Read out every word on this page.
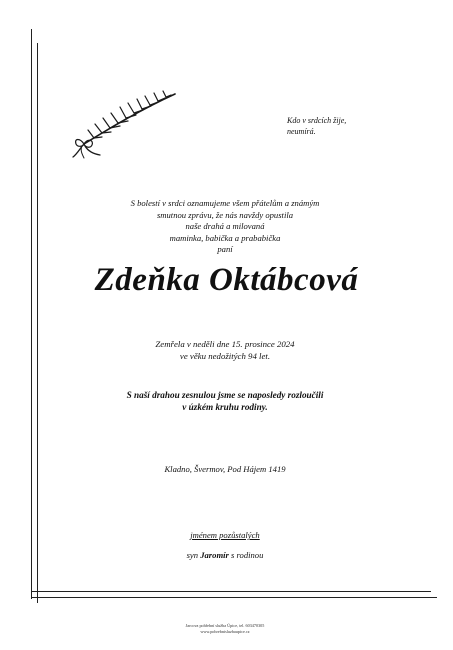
Kdo v srdcích žije,
neumírá.
S bolestí v srdci oznamujeme všem přátelům a známým
smutnou zprávu, že nás navždy opustila
naše drahá a milovaná
maminka, babička a prababička
paní
Zdeňka Oktábcová
Zemřela v neděli dne 15. prosince 2024
ve věku nedožitých 94 let.
S naší drahou zesnulou jsme se naposledy rozloučili
v úzkém kruhu rodiny.
Kladno, Švermov, Pod Hájem 1419
jménem pozůstalých
syn Jaromír s rodinou
Jarcova pohřební služba Úpice, tel. 603470305
www.pohrebnisluzbaupice.cz
